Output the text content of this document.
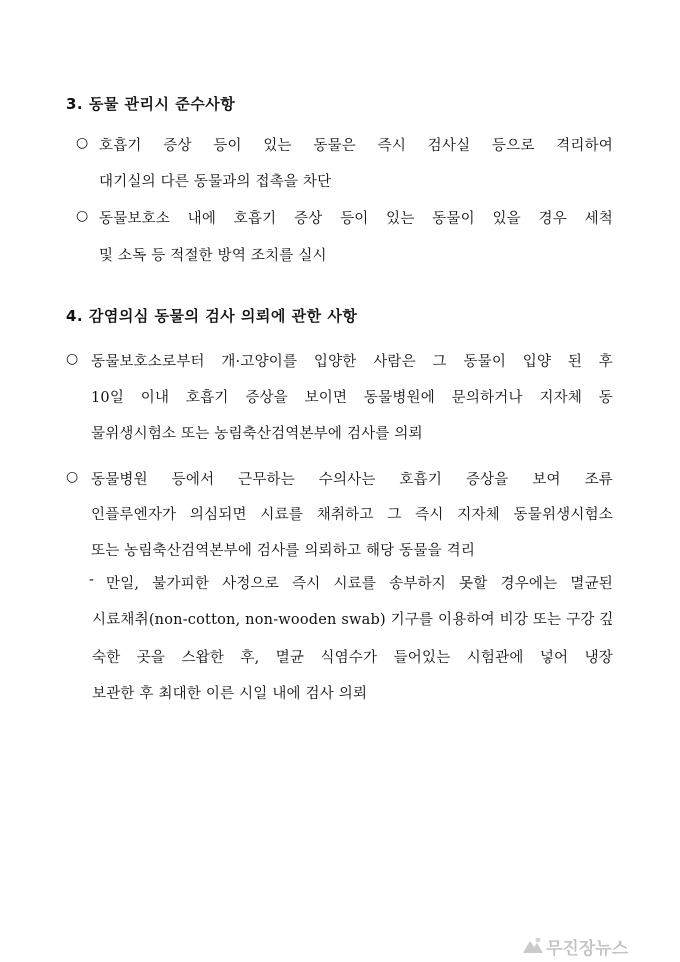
3. 동물 관리시 준수사항
○ 호흡기 증상 등이 있는 동물은 즉시 검사실 등으로 격리하여
대기실의 다른 동물과의 접촉을 차단
○ 동물보호소 내에 호흡기 증상 등이 있는 동물이 있을 경우 세척
및 소독 등 적절한 방역 조치를 실시
4. 감염의심 동물의 검사 의뢰에 관한 사항
○ 동물보호소로부터 개·고양이를 입양한 사람은 그 동물이 입양 된 후
10일 이내 호흡기 증상을 보이면 동물병원에 문의하거나 지자체 동
물위생시험소 또는 농림축산검역본부에 검사를 의뢰
○ 동물병원 등에서 근무하는 수의사는 호흡기 증상을 보여 조류
인플루엔자가 의심되면 시료를 채취하고 그 즉시 지자체 동물위생시험소
또는 농림축산검역본부에 검사를 의뢰하고 해당 동물을 격리
- 만일, 불가피한 사정으로 즉시 시료를 송부하지 못할 경우에는 멸균된
시료채취(non-cotton, non-wooden swab) 기구를 이용하여 비강 또는 구강 깊
숙한 곳을 스왑한 후, 멸균 식염수가 들어있는 시험관에 넣어 냉장
보관한 후 최대한 이른 시일 내에 검사 의뢰
무진장뉴스
